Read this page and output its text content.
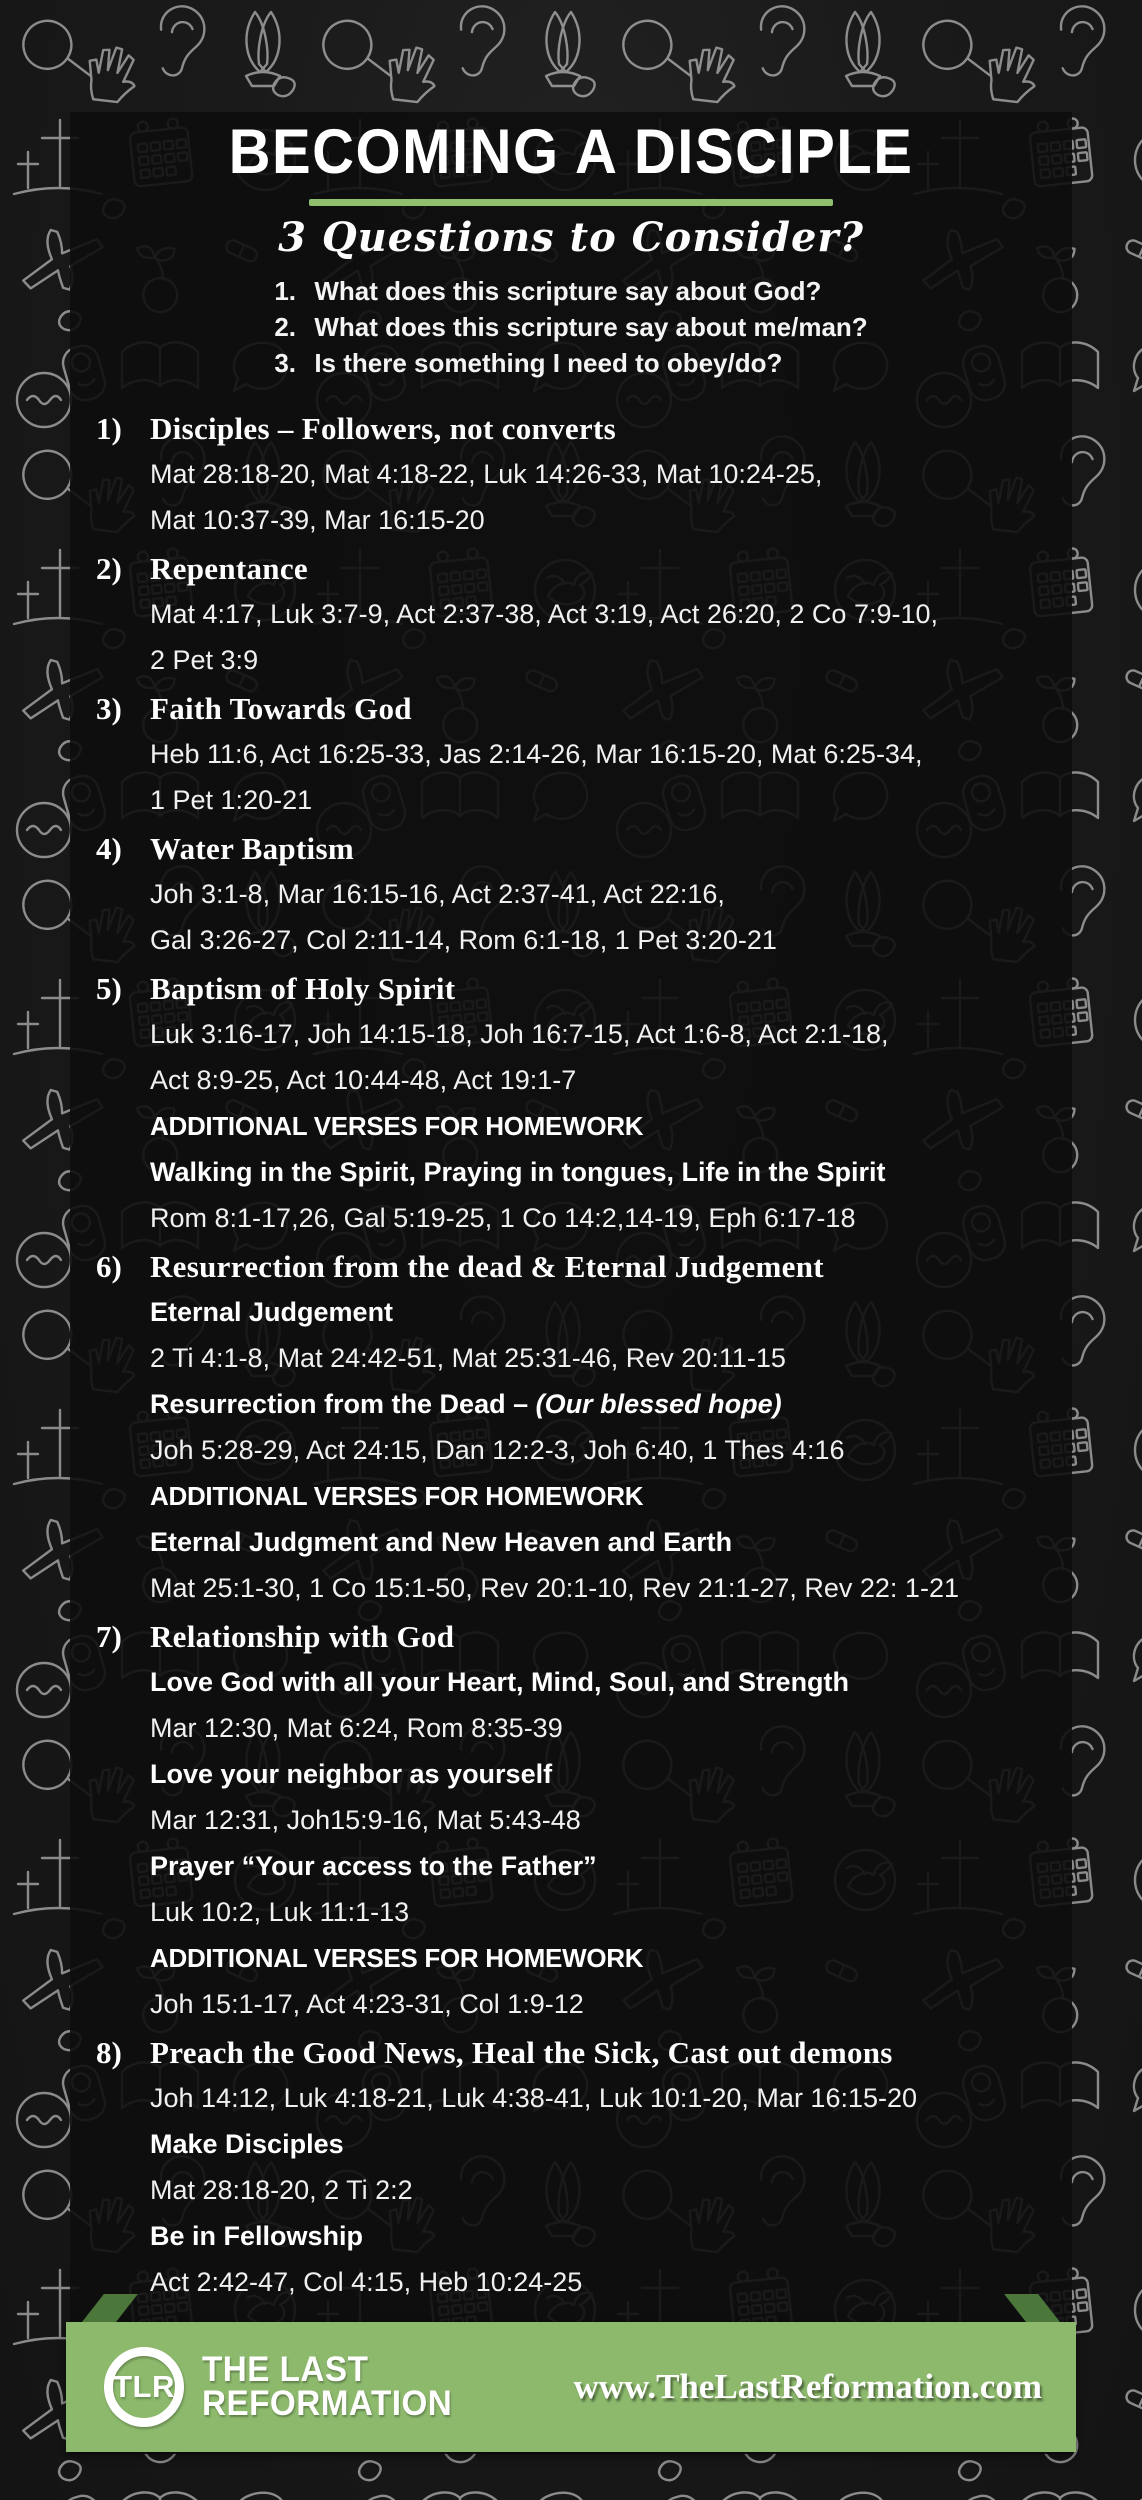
BECOMING A DISCIPLE
3 Questions to Consider?
1. What does this scripture say about God?
2. What does this scripture say about me/man?
3. Is there something I need to obey/do?
1) Disciples – Followers, not converts
Mat 28:18-20, Mat 4:18-22, Luk 14:26-33, Mat 10:24-25,
Mat 10:37-39, Mar 16:15-20
2) Repentance
Mat 4:17, Luk 3:7-9, Act 2:37-38, Act 3:19, Act 26:20, 2 Co 7:9-10,
2 Pet 3:9
3) Faith Towards God
Heb 11:6, Act 16:25-33, Jas 2:14-26, Mar 16:15-20, Mat 6:25-34,
1 Pet 1:20-21
4) Water Baptism
Joh 3:1-8, Mar 16:15-16, Act 2:37-41, Act 22:16,
Gal 3:26-27, Col 2:11-14, Rom 6:1-18, 1 Pet 3:20-21
5) Baptism of Holy Spirit
Luk 3:16-17, Joh 14:15-18, Joh 16:7-15, Act 1:6-8, Act 2:1-18,
Act 8:9-25, Act 10:44-48, Act 19:1-7
ADDITIONAL VERSES FOR HOMEWORK
Walking in the Spirit, Praying in tongues, Life in the Spirit
Rom 8:1-17,26, Gal 5:19-25, 1 Co 14:2,14-19, Eph 6:17-18
6) Resurrection from the dead & Eternal Judgement
Eternal Judgement
2 Ti 4:1-8, Mat 24:42-51, Mat 25:31-46, Rev 20:11-15
Resurrection from the Dead – (Our blessed hope)
Joh 5:28-29, Act 24:15, Dan 12:2-3, Joh 6:40, 1 Thes 4:16
ADDITIONAL VERSES FOR HOMEWORK
Eternal Judgment and New Heaven and Earth
Mat 25:1-30, 1 Co 15:1-50, Rev 20:1-10, Rev 21:1-27, Rev 22: 1-21
7) Relationship with God
Love God with all your Heart, Mind, Soul, and Strength
Mar 12:30, Mat 6:24, Rom 8:35-39
Love your neighbor as yourself
Mar 12:31, Joh15:9-16, Mat 5:43-48
Prayer “Your access to the Father”
Luk 10:2, Luk 11:1-13
ADDITIONAL VERSES FOR HOMEWORK
Joh 15:1-17, Act 4:23-31, Col 1:9-12
8) Preach the Good News, Heal the Sick, Cast out demons
Joh 14:12, Luk 4:18-21, Luk 4:38-41, Luk 10:1-20, Mar 16:15-20
Make Disciples
Mat 28:18-20, 2 Ti 2:2
Be in Fellowship
Act 2:42-47, Col 4:15, Heb 10:24-25
TLR THE LAST
REFORMATION	www.TheLastReformation.com
